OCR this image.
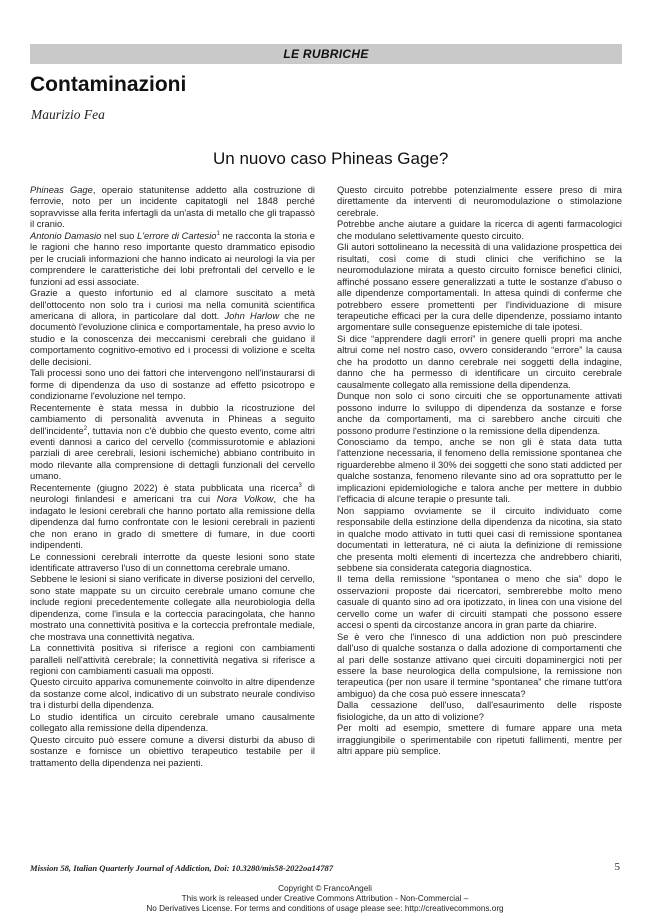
LE RUBRICHE
Contaminazioni
Maurizio Fea
Un nuovo caso Phineas Gage?

Phineas Gage, operaio statunitense addetto alla costruzione di ferrovie, noto per un incidente capitatogli nel 1848 perché sopravvisse alla ferita infertagli da un'asta di metallo che gli trapassò il cranio.

Antonio Damasio nel suo L'errore di Cartesio$^1$ ne racconta la storia e le ragioni che hanno reso importante questo drammatico episodio per le cruciali informazioni che hanno indicato ai neurologi la via per comprendere le caratteristiche dei lobi prefrontali del cervello e le funzioni ad essi associate.

Grazie a questo infortunio ed al clamore suscitato a metà dell'ottocento non solo tra i curiosi ma nella comunità scientifica americana di allora, in particolare dal dott. John Harlow che ne documentò l'evoluzione clinica e comportamentale, ha preso avvio lo studio e la conoscenza dei meccanismi cerebrali che guidano il comportamento cognitivo-emotivo ed i processi di volizione e scelta delle decisioni.

Tali processi sono uno dei fattori che intervengono nell'instaurarsi di forme di dipendenza da uso di sostanze ad effetto psicotropo e condizionarne l'evoluzione nel tempo.

Recentemente è stata messa in dubbio la ricostruzione del cambiamento di personalità avvenuta in Phineas a seguito dell'incidente$^2$, tuttavia non c'è dubbio che questo evento, come altri eventi dannosi a carico del cervello (commissurotomie e ablazioni parziali di aree cerebrali, lesioni ischemiche) abbiano contribuito in modo rilevante alla comprensione di dettagli funzionali del cervello umano.

Recentemente (giugno 2022) è stata pubblicata una ricerca$^3$ di neurologi finlandesi e americani tra cui Nora Volkow, che ha indagato le lesioni cerebrali che hanno portato alla remissione della dipendenza dal fumo confrontate con le lesioni cerebrali in pazienti che non erano in grado di smettere di fumare, in due coorti indipendenti.

Le connessioni cerebrali interrotte da queste lesioni sono state identificate attraverso l'uso di un connettoma cerebrale umano.

Sebbene le lesioni si siano verificate in diverse posizioni del cervello, sono state mappate su un circuito cerebrale umano comune che include regioni precedentemente collegate alla neurobiologia della dipendenza, come l'insula e la corteccia paracingolata, che hanno mostrato una connettività positiva e la corteccia prefrontale mediale, che mostrava una connettività negativa.

La connettività positiva si riferisce a regioni con cambiamenti paralleli nell'attività cerebrale; la connettività negativa si riferisce a regioni con cambiamenti casuali ma opposti.

Questo circuito appariva comunemente coinvolto in altre dipendenze da sostanze come alcol, indicativo di un substrato neurale condiviso tra i disturbi della dipendenza.

Lo studio identifica un circuito cerebrale umano causalmente collegato alla remissione della dipendenza.

Questo circuito può essere comune a diversi disturbi da abuso di sostanze e fornisce un obiettivo terapeutico testabile per il trattamento della dipendenza nei pazienti.

Questo circuito potrebbe potenzialmente essere preso di mira direttamente da interventi di neuromodulazione o stimolazione cerebrale.

Potrebbe anche aiutare a guidare la ricerca di agenti farmacologici che modulano selettivamente questo circuito.

Gli autori sottolineano la necessità di una validazione prospettica dei risultati, così come di studi clinici che verifichino se la neuromodulazione mirata a questo circuito fornisce benefici clinici, affinché possano essere generalizzati a tutte le sostanze d'abuso o alle dipendenze comportamentali. In attesa quindi di conferme che potrebbero essere promettenti per l'individuazione di misure terapeutiche efficaci per la cura delle dipendenze, possiamo intanto argomentare sulle conseguenze epistemiche di tale ipotesi.

Si dice “apprendere dagli errori” in genere quelli propri ma anche altrui come nel nostro caso, ovvero considerando “errore” la causa che ha prodotto un danno cerebrale nei soggetti della indagine, danno che ha permesso di identificare un circuito cerebrale causalmente collegato alla remissione della dipendenza.

Dunque non solo ci sono circuiti che se opportunamente attivati possono indurre lo sviluppo di dipendenza da sostanze e forse anche da comportamenti, ma ci sarebbero anche circuiti che possono produrre l'estinzione o la remissione della dipendenza.

Conosciamo da tempo, anche se non gli è stata data tutta l'attenzione necessaria, il fenomeno della remissione spontanea che riguarderebbe almeno il 30% dei soggetti che sono stati addicted per qualche sostanza, fenomeno rilevante sino ad ora soprattutto per le implicazioni epidemiologiche e talora anche per mettere in dubbio l'efficacia di alcune terapie o presunte tali.

Non sappiamo ovviamente se il circuito individuato come responsabile della estinzione della dipendenza da nicotina, sia stato in qualche modo attivato in tutti quei casi di remissione spontanea documentati in letteratura, né ci aiuta la definizione di remissione che presenta molti elementi di incertezza che andrebbero chiariti, sebbene sia considerata categoria diagnostica.

Il tema della remissione “spontanea o meno che sia” dopo le osservazioni proposte dai ricercatori, sembrerebbe molto meno casuale di quanto sino ad ora ipotizzato, in linea con una visione del cervello come un wafer di circuiti stampati che possono essere accesi o spenti da circostanze ancora in gran parte da chiarire.

Se è vero che l'innesco di una addiction non può prescindere dall'uso di qualche sostanza o dalla adozione di comportamenti che al pari delle sostanze attivano quei circuiti dopaminergici noti per essere la base neurologica della compulsione, la remissione non terapeutica (per non usare il termine “spontanea” che rimane tutt'ora ambiguo) da che cosa può essere innescata?

Dalla cessazione dell'uso, dall'esaurimento delle risposte fisiologiche, da un atto di volizione?

Per molti ad esempio, smettere di fumare appare una meta irraggiungibile o sperimentabile con ripetuti fallimenti, mentre per altri appare più semplice.

Mission 58, Italian Quarterly Journal of Addiction, Doi: 10.3280/mis58-2022oa14787	5
Copyright © FrancoAngeli
This work is released under Creative Commons Attribution - Non-Commercial –
No Derivatives License. For terms and conditions of usage please see: http://creativecommons.org
